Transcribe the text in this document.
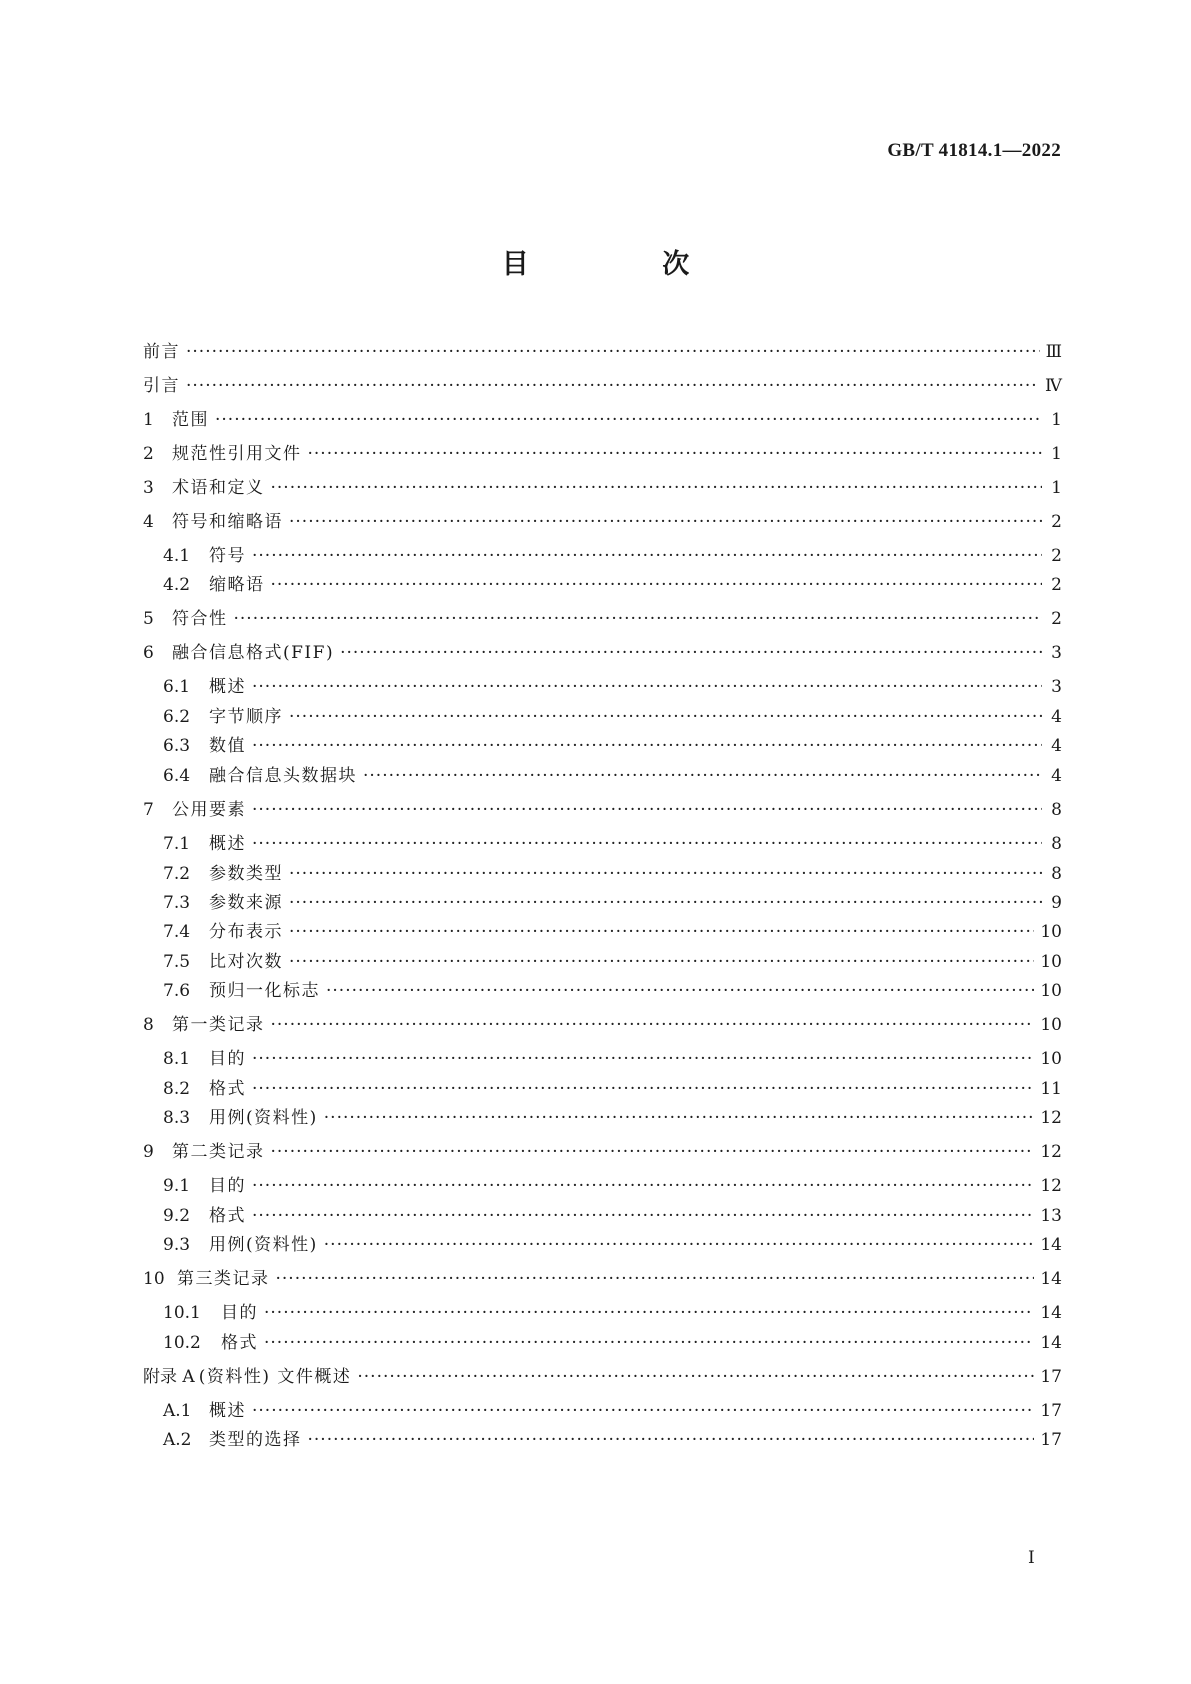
GB/T 41814.1—2022
目 次
前言 ·····	Ⅲ
引言 ·····	Ⅳ
1	范围 ·····	1
2	规范性引用文件 ·····	1
3	术语和定义 ·····	1
4	符号和缩略语 ·····	2
4.1	符号 ·····	2
4.2	缩略语 ·····	2
5	符合性 ·····	2
6	融合信息格式(FIF) ·····	3
6.1	概述 ·····	3
6.2	字节顺序 ·····	4
6.3	数值 ·····	4
6.4	融合信息头数据块 ·····	4
7	公用要素 ·····	8
7.1	概述 ·····	8
7.2	参数类型 ·····	8
7.3	参数来源 ·····	9
7.4	分布表示 ·····	10
7.5	比对次数 ·····	10
7.6	预归一化标志 ·····	10
8	第一类记录 ·····	10
8.1	目的 ·····	10
8.2	格式 ·····	11
8.3	用例(资料性) ·····	12
9	第二类记录 ·····	12
9.1	目的 ·····	12
9.2	格式 ·····	13
9.3	用例(资料性) ·····	14
10 第三类记录 ·····	14
10.1	目的 ·····	14
10.2	格式 ·····	14
附录 A (资料性) 文件概述 ·····	17
A.1	概述 ·····	17
A.2	类型的选择 ·····	17
I
